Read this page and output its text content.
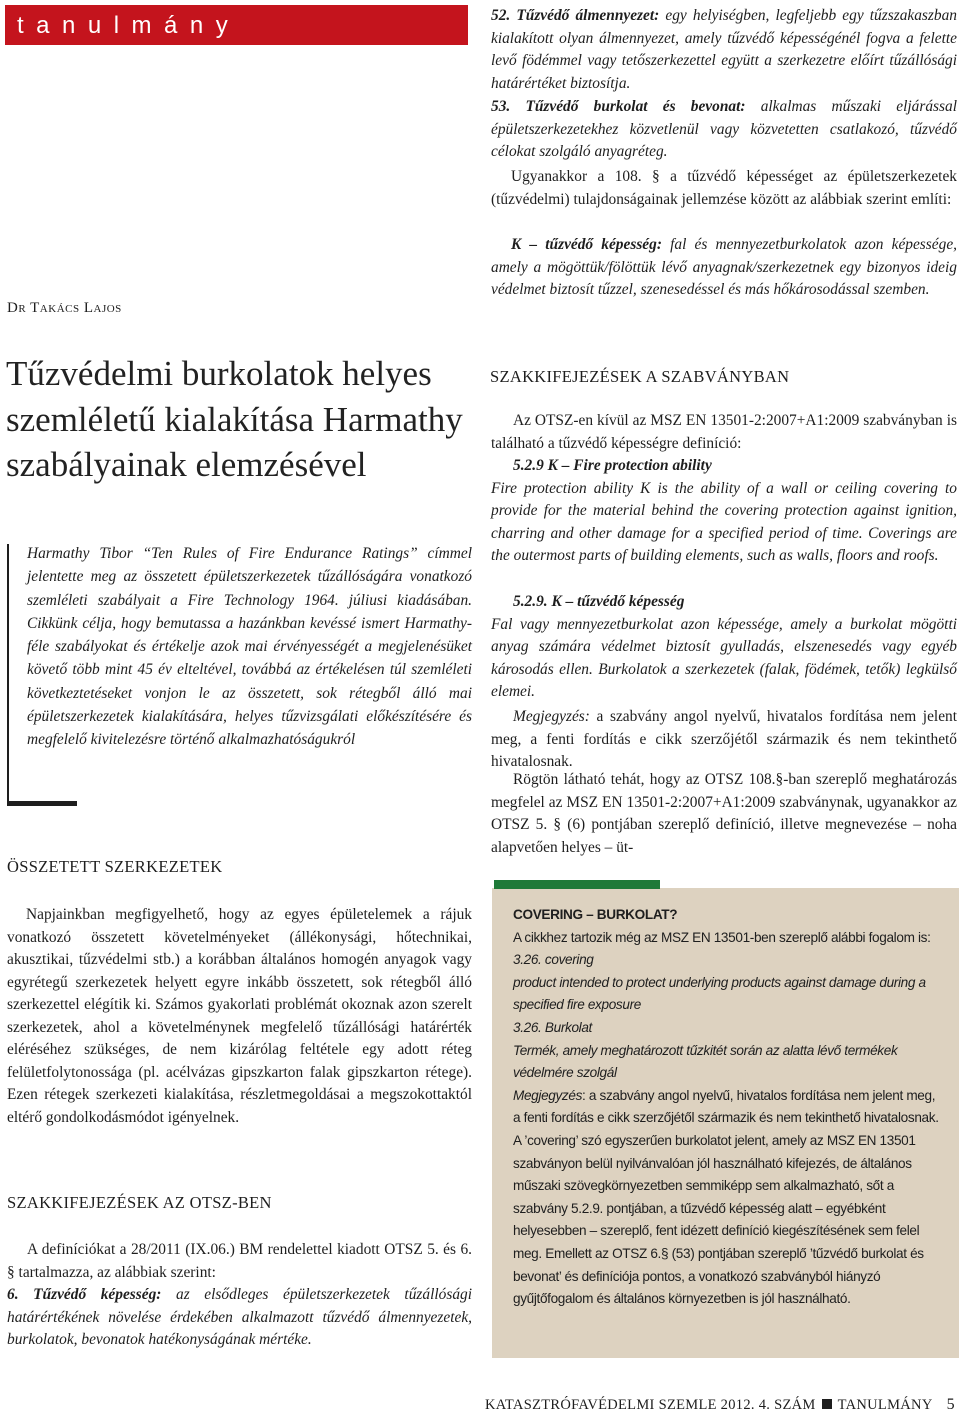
tanulmány
Dr Takács Lajos
Tűzvédelmi burkolatok helyes szemléletű kialakítása Harmathy szabályainak elemzésével
Harmathy Tibor “Ten Rules of Fire Endurance Ratings” címmel jelentette meg az összetett épületszerkezetek tűzállóságára vonatkozó szemléleti szabályait a Fire Technology 1964. júliusi kiadásában. Cikkünk célja, hogy bemutassa a hazánkban kevéssé ismert Harmathy-féle szabályokat és értékelje azok mai érvényességét a megjelenésüket követő több mint 45 év elteltével, továbbá az értékelésen túl szemléleti következtetéseket vonjon le az összetett, sok rétegből álló mai épületszerkezetek kialakítására, helyes tűzvizsgálati előkészítésére és megfelelő kivitelezésre történő alkalmazhatóságukról
ÖSSZETETT SZERKEZETEK

Napjainkban megfigyelhető, hogy az egyes épületelemek a rájuk vonatkozó összetett követelményeket (állékonysági, hőtechnikai, akusztikai, tűzvédelmi stb.) a korábban általános homogén anyagok vagy egyrétegű szerkezetek helyett egyre inkább összetett, sok rétegből álló szerkezettel elégítik ki. Számos gyakorlati problémát okoznak azon szerelt szerkezetek, ahol a követelménynek megfelelő tűzállósági határérték eléréséhez szükséges, de nem kizárólag feltétele egy adott réteg felületfolytonossága (pl. acélvázas gipszkarton falak gipszkarton rétege). Ezen rétegek szerkezeti kialakítása, részletmegoldásai a megszokottaktól eltérő gondolkodásmódot igényelnek.

SZAKKIFEJEZÉSEK AZ OTSZ-BEN

A definíciókat a 28/2011 (IX.06.) BM rendelettel kiadott OTSZ 5. és 6. § tartalmazza, az alábbiak szerint:

6. Tűzvédő képesség: az elsődleges épületszerkezetek tűzállósági határértékének növelése érdekében alkalmazott tűzvédő álmennyezetek, burkolatok, bevonatok hatékonyságának mértéke.

52. Tűzvédő álmennyezet: egy helyiségben, legfeljebb egy tűzszakaszban kialakított olyan álmennyezet, amely tűzvédő képességénél fogva a felette levő födémmel vagy tetőszerkezettel együtt a szerkezetre előírt tűzállósági határértéket biztosítja.

53. Tűzvédő burkolat és bevonat: alkalmas műszaki eljárással épületszerkezetekhez közvetlenül vagy közvetetten csatlakozó, tűzvédő célokat szolgáló anyagréteg.

Ugyanakkor a 108. § a tűzvédő képességet az épületszerkezetek (tűzvédelmi) tulajdonságainak jellemzése között az alábbiak szerint említi:

K – tűzvédő képesség: fal és mennyezetburkolatok azon képessége, amely a mögöttük/fölöttük lévő anyagnak/szerkezetnek egy bizonyos ideig védelmet biztosít tűzzel, szenesedéssel és más hőkárosodással szemben.

SZAKKIFEJEZÉSEK A SZABVÁNYBAN

Az OTSZ-en kívül az MSZ EN 13501-2:2007+A1:2009 szabványban is található a tűzvédő képességre definíció:

5.2.9 K – Fire protection ability
Fire protection ability K is the ability of a wall or ceiling covering to provide for the material behind the covering protection against ignition, charring and other damage for a specified period of time. Coverings are the outermost parts of building elements, such as walls, floors and roofs.

5.2.9. K – tűzvédő képesség
Fal vagy mennyezetburkolat azon képessége, amely a burkolat mögötti anyag számára védelmet biztosít gyulladás, elszenesedés vagy egyéb károsodás ellen. Burkolatok a szerkezetek (falak, födémek, tetők) legkülső elemei.

Megjegyzés: a szabvány angol nyelvű, hivatalos fordítása nem jelent meg, a fenti fordítás e cikk szerzőjétől származik és nem tekinthető hivatalosnak.

Rögtön látható tehát, hogy az OTSZ 108.§-ban szereplő meghatározás megfelel az MSZ EN 13501-2:2007+A1:2009 szabványnak, ugyanakkor az OTSZ 5. § (6) pontjában szereplő definíció, illetve megnevezése – noha alapvetően helyes – üt-

COVERING – BURKOLAT?

A cikkhez tartozik még az MSZ EN 13501-ben szereplő alábbi fogalom is:

3.26. covering

product intended to protect underlying products against damage during a specified fire exposure

3.26. Burkolat

Termék, amely meghatározott tűzkitét során az alatta lévő termékek védelmére szolgál

Megjegyzés: a szabvány angol nyelvű, hivatalos fordítása nem jelent meg, a fenti fordítás e cikk szerzőjétől származik és nem tekinthető hivatalosnak.

A ’covering’ szó egyszerűen burkolatot jelent, amely az MSZ EN 13501 szabványon belül nyilvánvalóan jól használható kifejezés, de általános műszaki szövegkörnyezetben semmiképp sem alkalmazható, sőt a szabvány 5.2.9. pontjában, a tűzvédő képesség alatt – egyébként helyesebben – szereplő, fent idézett definíció kiegészítésének sem felel meg. Emellett az OTSZ 6.§ (53) pontjában szereplő ’tűzvédő burkolat és bevonat’ és definíciója pontos, a vonatkozó szabványból hiányzó gyűjtőfogalom és általános környezetben is jól használható.

KATASZTRÓFAVÉDELMI SZEMLE 2012. 4. SZÁM TANULMÁNY 5
